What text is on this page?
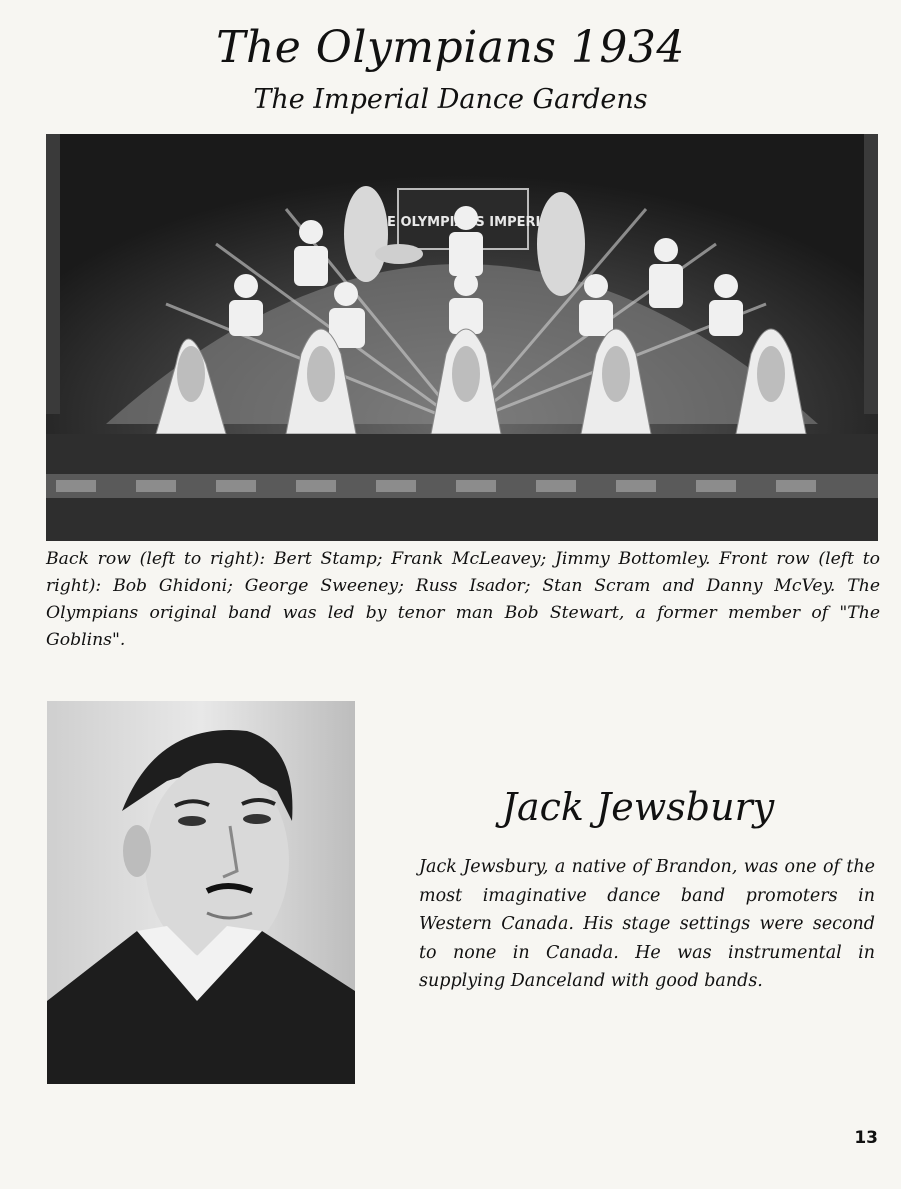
The Olympians 1934
The Imperial Dance Gardens
OLYMPIANS IMPERIAL
Back row (left to right): Bert Stamp; Frank McLeavey; Jimmy Bottomley. Front row (left to right): Bob Ghidoni; George Sweeney; Russ Isador; Stan Scram and Danny McVey. The Olympians original band was led by tenor man Bob Stewart, a former member of "The Goblins".
Jack Jewsbury
Jack Jewsbury, a native of Brandon, was one of the most imaginative dance band promoters in Western Canada. His stage settings were second to none in Canada. He was instrumental in supplying Danceland with good bands.
13
